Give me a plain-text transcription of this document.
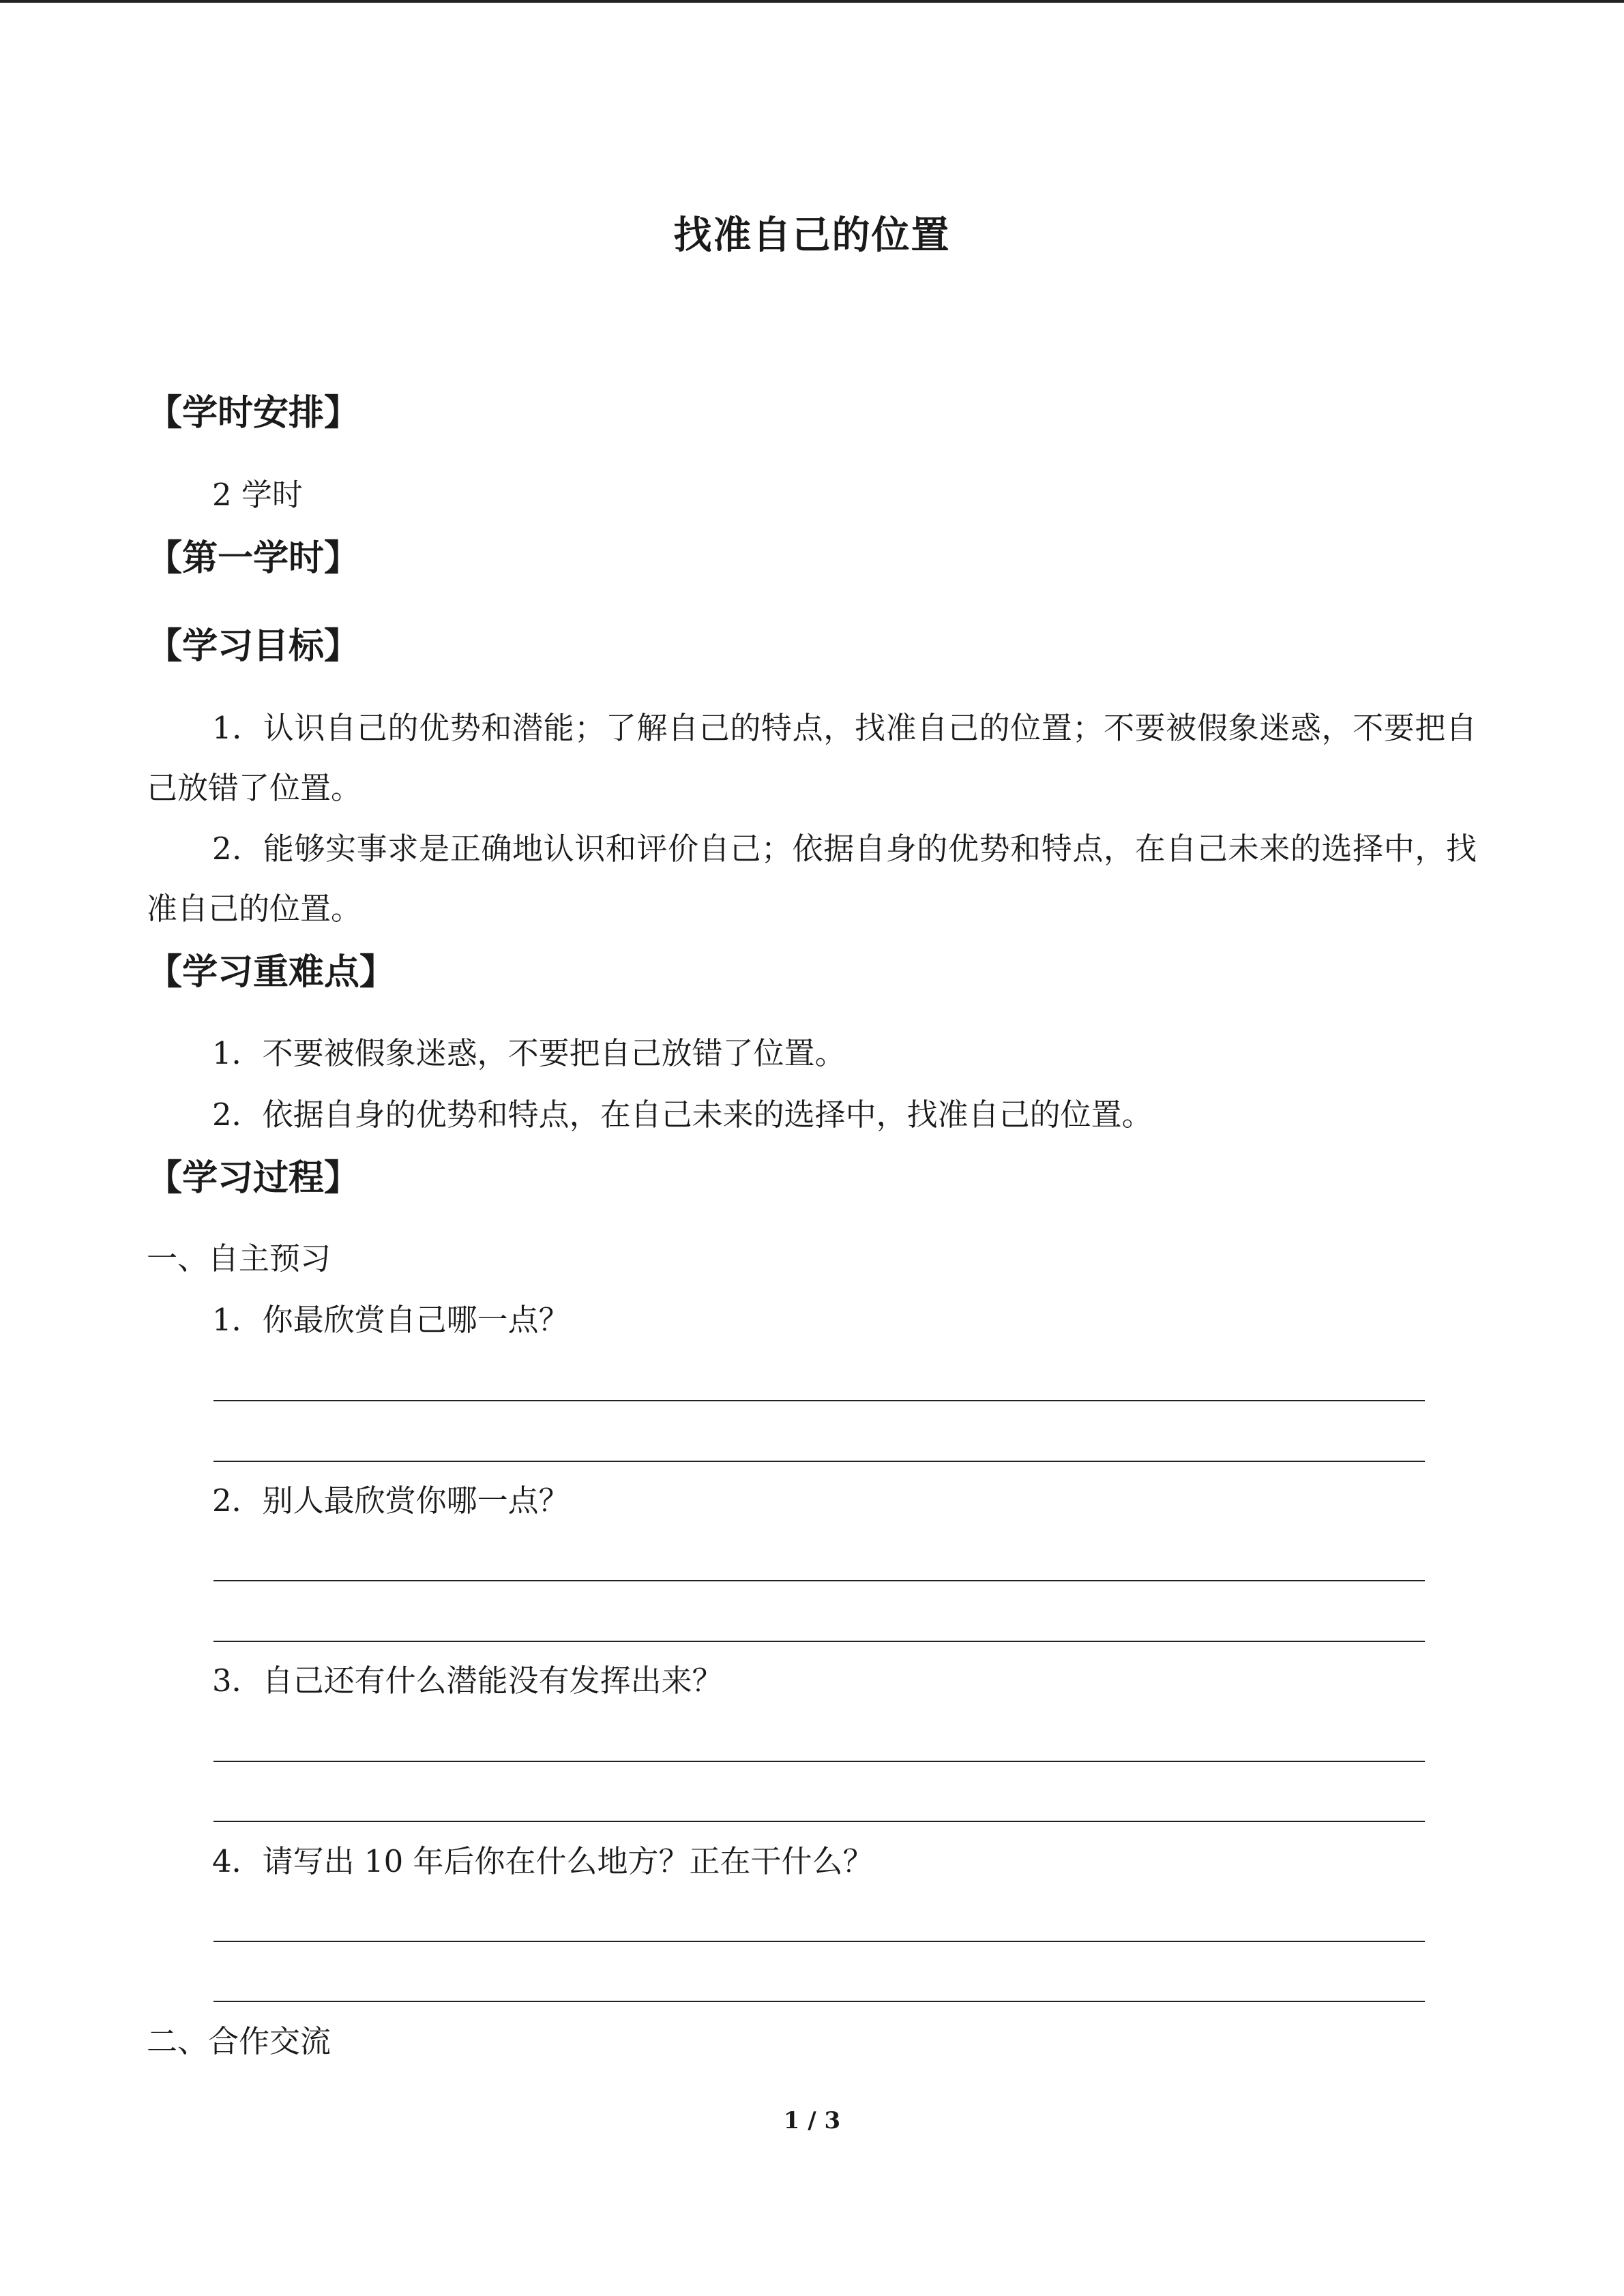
找准自己的位置
【学时安排】
2 学时
【第一学时】
【学习目标】
1．认识自己的优势和潜能；了解自己的特点，找准自己的位置；不要被假象迷惑，不要把自己放错了位置。
2．能够实事求是正确地认识和评价自己；依据自身的优势和特点，在自己未来的选择中，找准自己的位置。
【学习重难点】
1．不要被假象迷惑，不要把自己放错了位置。
2．依据自身的优势和特点，在自己未来的选择中，找准自己的位置。
【学习过程】
一、自主预习
1．你最欣赏自己哪一点？
2．别人最欣赏你哪一点？
3．自己还有什么潜能没有发挥出来？
4．请写出 10 年后你在什么地方？正在干什么？
二、合作交流
1 / 3
